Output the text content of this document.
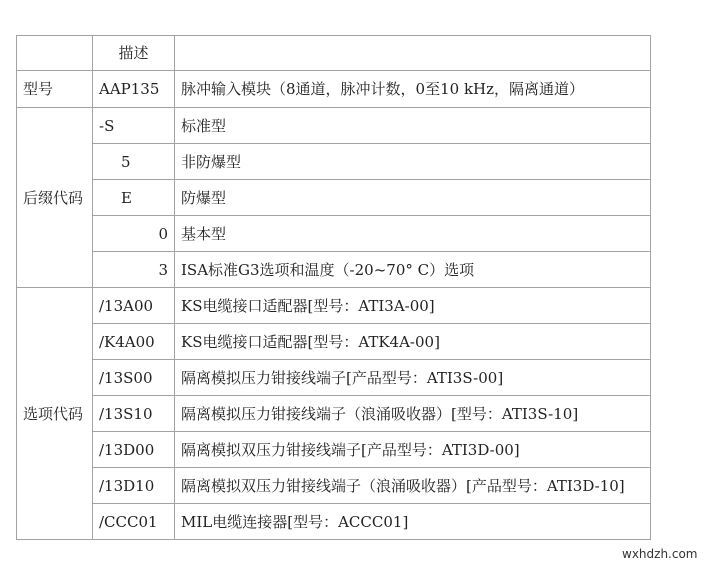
	描述	
型号	AAP135	脉冲输入模块（8通道，脉冲计数，0至10 kHz，隔离通道）
后缀代码	-S	标准型
	5	非防爆型
	E	防爆型
	0	基本型
	3	ISA标准G3选项和温度（-20~70° C）选项
选项代码	/13A00	KS电缆接口适配器[型号：ATI3A-00]
	/K4A00	KS电缆接口适配器[型号：ATK4A-00]
	/13S00	隔离模拟压力钳接线端子[产品型号：ATI3S-00]
	/13S10	隔离模拟压力钳接线端子（浪涌吸收器）[型号：ATI3S-10]
	/13D00	隔离模拟双压力钳接线端子[产品型号：ATI3D-00]
	/13D10	隔离模拟双压力钳接线端子（浪涌吸收器）[产品型号：ATI3D-10]
	/CCC01	MIL电缆连接器[型号：ACCC01]
wxhdzh.com
